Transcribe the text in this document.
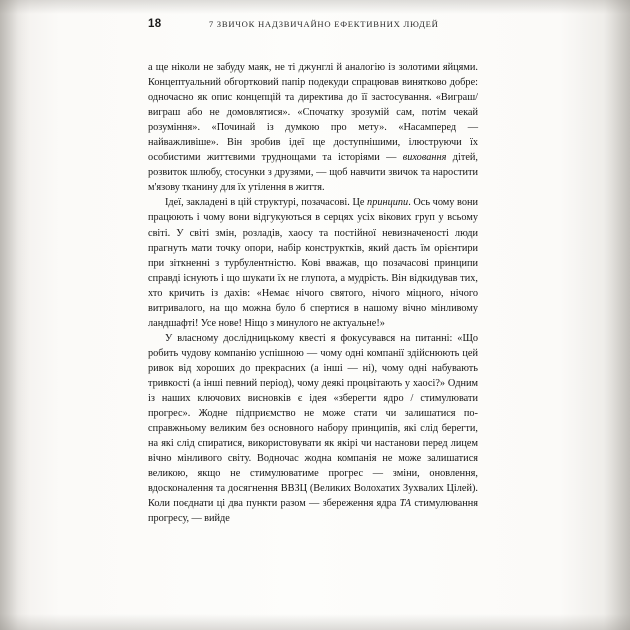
18	7 ЗВИЧОК НАДЗВИЧАЙНО ЕФЕКТИВНИХ ЛЮДЕЙ

а ще ніколи не забуду маяк, не ті джунглі й аналогію із золотими яйцями. Концептуальний обгортковий папір подекуди спрацював винятково добре: одночасно як опис концепцій та директива до її застосування. «Виграш/виграш або не домовлятися». «Спочатку зрозумій сам, потім чекай розуміння». «Починай із думкою про мету». «Насамперед — найважливіше». Він зробив ідеї ще доступнішими, ілюструючи їх особистими життєвими труднощами та історіями — виховання дітей, розвиток шлюбу, стосунки з друзями, — щоб навчити звичок та наростити м'язову тканину для їх утілення в життя.

Ідеї, закладені в цій структурі, позачасові. Це принципи. Ось чому вони працюють і чому вони відгукуються в серцях усіх вікових груп у всьому світі. У світі змін, розладів, хаосу та постійної невизначеності люди прагнуть мати точку опори, набір конструктків, який дасть їм орієнтири при зіткненні з турбулентністю. Кові вважав, що позачасові принципи справді існують і що шукати їх не глупота, а мудрість. Він відкидував тих, хто кричить із дахів: «Немає нічого святого, нічого міцного, нічого витривалого, на що можна було б спертися в нашому вічно мінливому ландшафті! Усе нове! Ніщо з минулого не актуальне!»

У власному дослідницькому квесті я фокусувався на питанні: «Що робить чудову компанію успішною — чому одні компанії здійснюють цей ривок від хороших до прекрасних (а інші — ні), чому одні набувають тривкості (а інші певний період), чому деякі процвітають у хаосі?» Одним із наших ключових висновків є ідея «зберегти ядро / стимулювати прогрес». Жодне підприємство не може стати чи залишатися по-справжньому великим без основного набору принципів, які слід берегти, на які слід спиратися, використовувати як якірі чи настанови перед лицем вічно мінливого світу. Водночас жодна компанія не може залишатися великою, якщо не стимулюватиме прогрес — зміни, оновлення, вдосконалення та досягнення ВВЗЦ (Великих Волохатих Зухвалих Цілей). Коли поєднати ці два пункти разом — збереження ядра ТА стимулювання прогресу, — вийде
